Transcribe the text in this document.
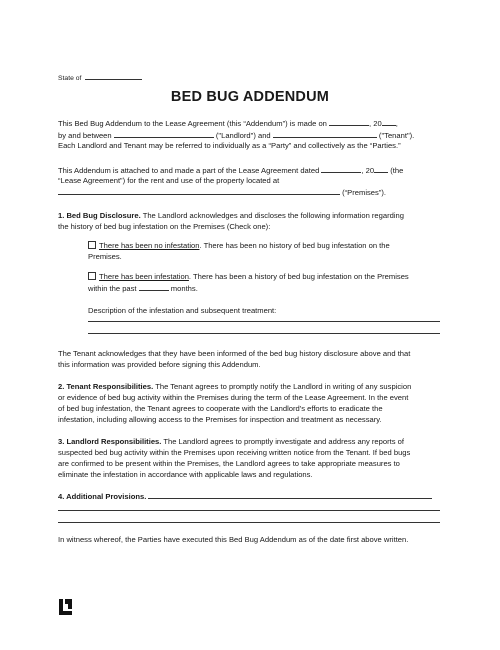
State of
BED BUG ADDENDUM
This Bed Bug Addendum to the Lease Agreement (this “Addendum”) is made on	, 20 ,
by and between	("Landlord") and	("Tenant").
Each Landlord and Tenant may be referred to individually as a “Party” and collectively as the “Parties.”
This Addendum is attached to and made a part of the Lease Agreement dated	, 20 (the
“Lease Agreement”) for the rent and use of the property located at
(“Premises”).
1. Bed Bug Disclosure. The Landlord acknowledges and discloses the following information regarding
the history of bed bug infestation on the Premises (Check one):
There has been no infestation. There has been no history of bed bug infestation on the
Premises.
There has been infestation. There has been a history of bed bug infestation on the Premises
within the past	months.
Description of the infestation and subsequent treatment:
The Tenant acknowledges that they have been informed of the bed bug history disclosure above and that
this information was provided before signing this Addendum.
2. Tenant Responsibilities. The Tenant agrees to promptly notify the Landlord in writing of any suspicion
or evidence of bed bug activity within the Premises during the term of the Lease Agreement. In the event
of bed bug infestation, the Tenant agrees to cooperate with the Landlord's efforts to eradicate the
infestation, including allowing access to the Premises for inspection and treatment as necessary.
3. Landlord Responsibilities. The Landlord agrees to promptly investigate and address any reports of
suspected bed bug activity within the Premises upon receiving written notice from the Tenant. If bed bugs
are confirmed to be present within the Premises, the Landlord agrees to take appropriate measures to
eliminate the infestation in accordance with applicable laws and regulations.
4. Additional Provisions.
In witness whereof, the Parties have executed this Bed Bug Addendum as of the date first above written.
